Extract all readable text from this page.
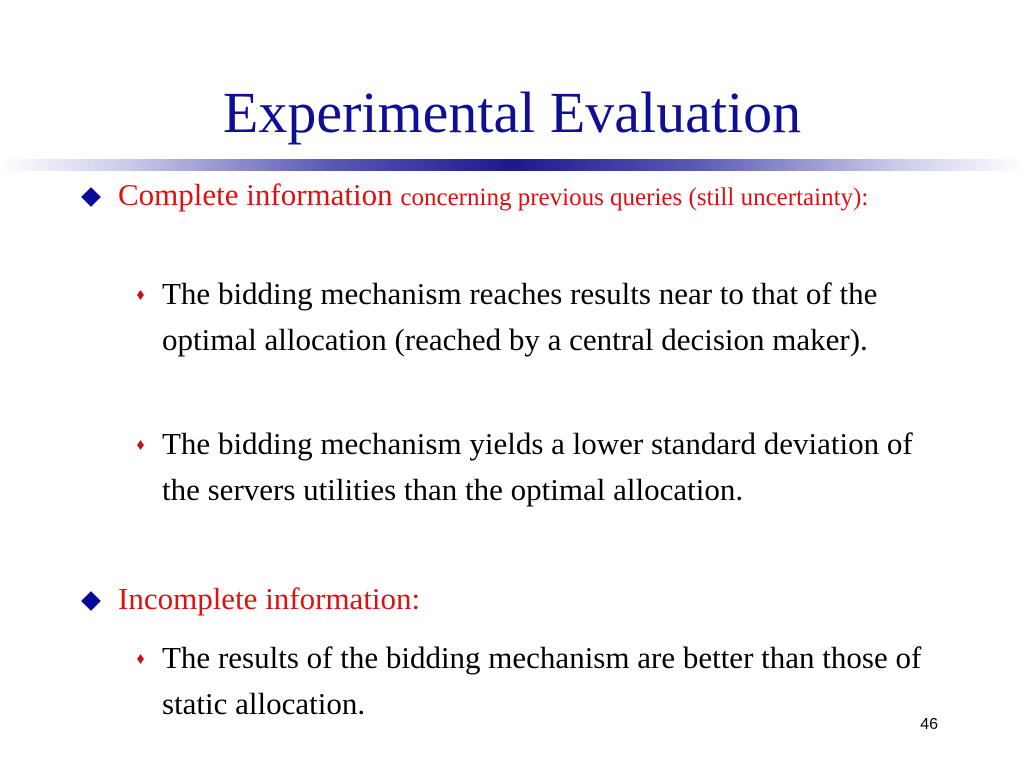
Experimental Evaluation
Complete information concerning previous queries (still uncertainty):
The bidding mechanism reaches results near to that of the optimal allocation (reached by a central decision maker).
The bidding mechanism yields a lower standard deviation of the servers utilities than the optimal allocation.
Incomplete information:
The results of the bidding mechanism are better than those of static allocation.
46
